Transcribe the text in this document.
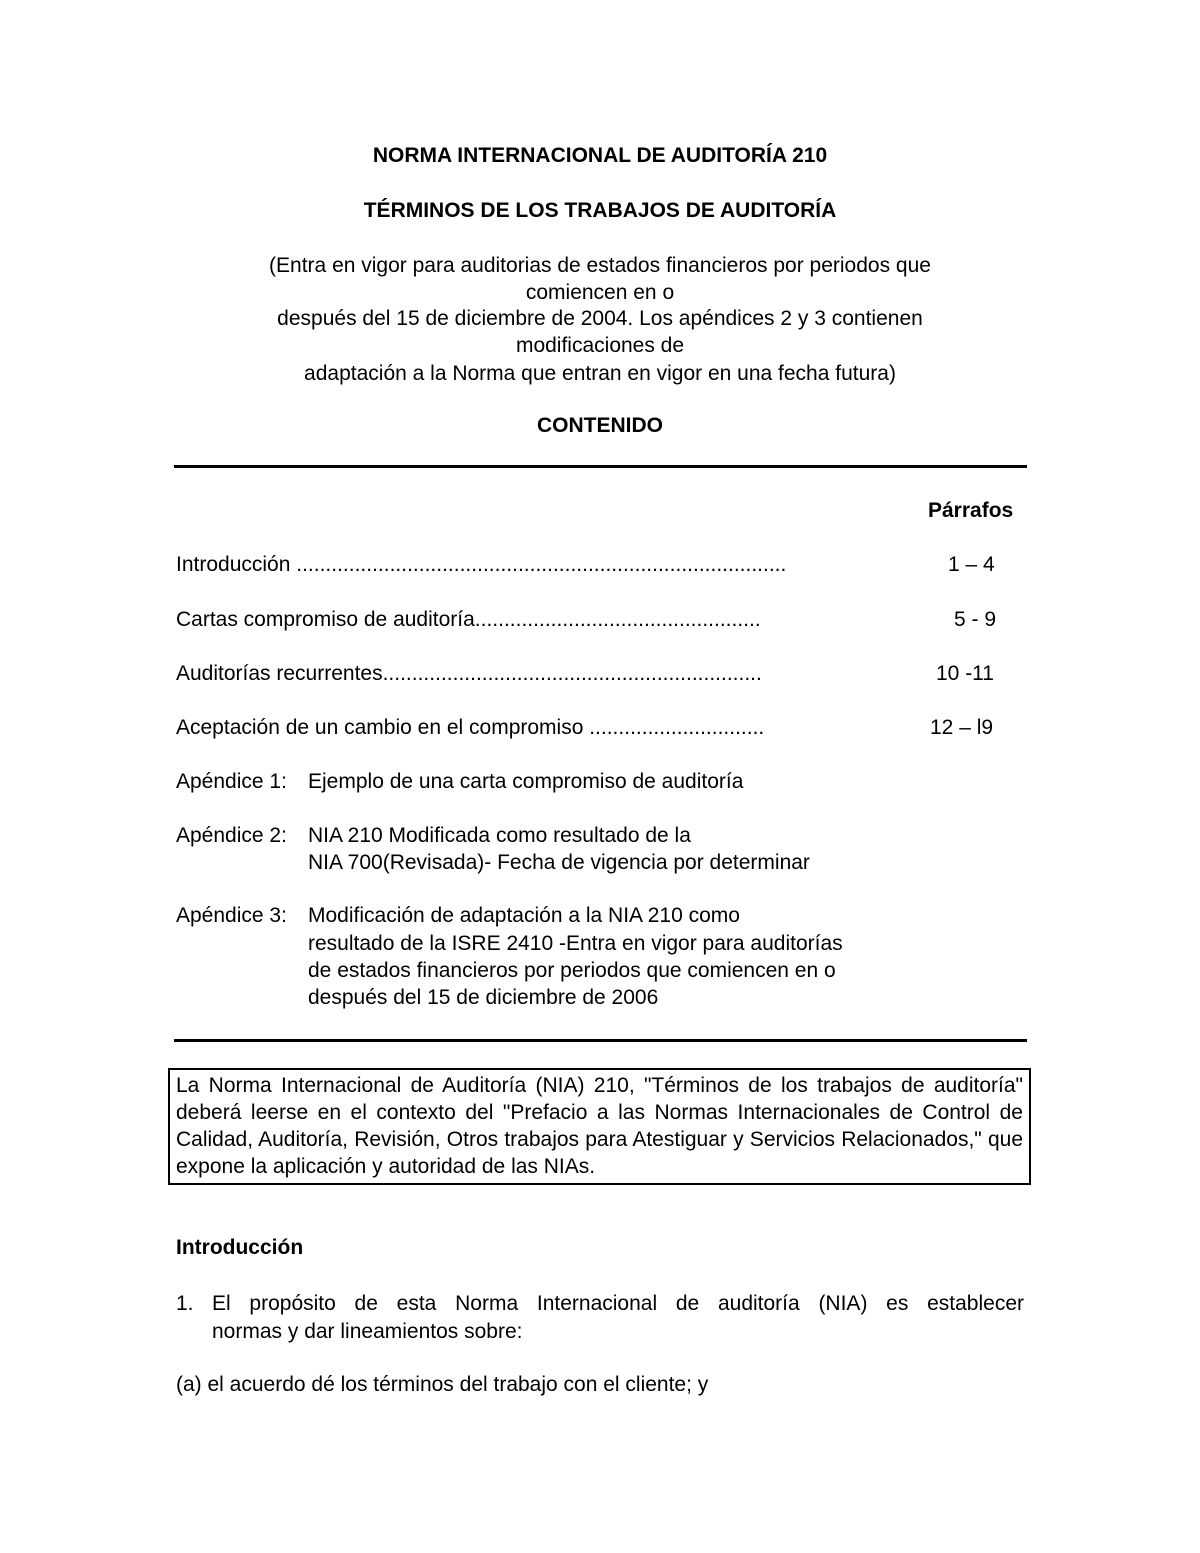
NORMA INTERNACIONAL DE AUDITORÍA 210
TÉRMINOS DE LOS TRABAJOS DE AUDITORÍA
(Entra en vigor para auditorias de estados financieros por periodos que
comiencen en o
después del 15 de diciembre de 2004. Los apéndices 2 y 3 contienen
modificaciones de
adaptación a la Norma que entran en vigor en una fecha futura)
CONTENIDO
Párrafos
Introducción ....................................................................................	1 – 4
Cartas compromiso de auditoría.................................................	5 - 9
Auditorías recurrentes.................................................................	10 -11
Aceptación de un cambio en el compromiso ..............................	12 – l9
Apéndice 1: Ejemplo de una carta compromiso de auditoría
Apéndice 2: NIA 210 Modificada como resultado de la
NIA 700(Revisada)- Fecha de vigencia por determinar
Apéndice 3: Modificación de adaptación a la NIA 210 como
resultado de la ISRE 2410 -Entra en vigor para auditorías
de estados financieros por periodos que comiencen en o
después del 15 de diciembre de 2006
La Norma Internacional de Auditoría (NIA) 210, "Términos de los trabajos de auditoría" deberá leerse en el contexto del "Prefacio a las Normas Internacionales de Control de Calidad, Auditoría, Revisión, Otros trabajos para Atestiguar y Servicios Relacionados," que expone la aplicación y autoridad de las NIAs.
Introducción
1. El propósito de esta Norma Internacional de auditoría (NIA) es establecer
normas y dar lineamientos sobre:
(a) el acuerdo dé los términos del trabajo con el cliente; y
